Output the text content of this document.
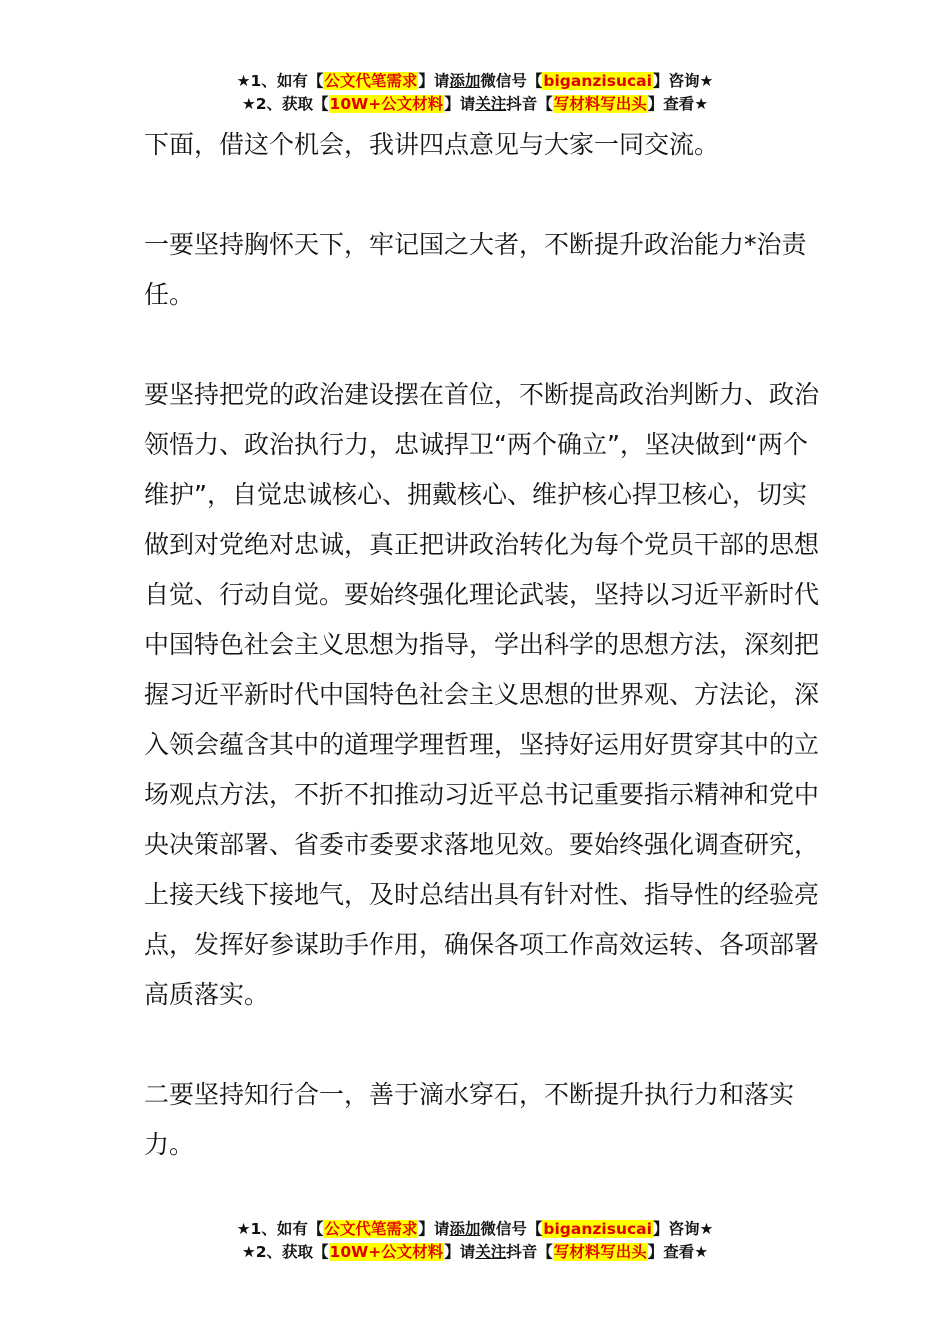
★1、如有【公文代笔需求】请添加微信号【biganzisucai】咨询★
★2、获取【10W+公文材料】请关注抖音【写材料写出头】查看★

下面，借这个机会，我讲四点意见与大家一同交流。

一要坚持胸怀天下，牢记国之大者，不断提升政治能力*治责任。

要坚持把党的政治建设摆在首位，不断提高政治判断力、政治领悟力、政治执行力，忠诚捍卫“两个确立”，坚决做到“两个维护”，自觉忠诚核心、拥戴核心、维护核心捍卫核心，切实做到对党绝对忠诚，真正把讲政治转化为每个党员干部的思想自觉、行动自觉。要始终强化理论武装，坚持以习近平新时代中国特色社会主义思想为指导，学出科学的思想方法，深刻把握习近平新时代中国特色社会主义思想的世界观、方法论，深入领会蕴含其中的道理学理哲理，坚持好运用好贯穿其中的立场观点方法，不折不扣推动习近平总书记重要指示精神和党中央决策部署、省委市委要求落地见效。要始终强化调查研究，上接天线下接地气，及时总结出具有针对性、指导性的经验亮点，发挥好参谋助手作用，确保各项工作高效运转、各项部署高质落实。

二要坚持知行合一，善于滴水穿石，不断提升执行力和落实力。

★1、如有【公文代笔需求】请添加微信号【biganzisucai】咨询★
★2、获取【10W+公文材料】请关注抖音【写材料写出头】查看★
